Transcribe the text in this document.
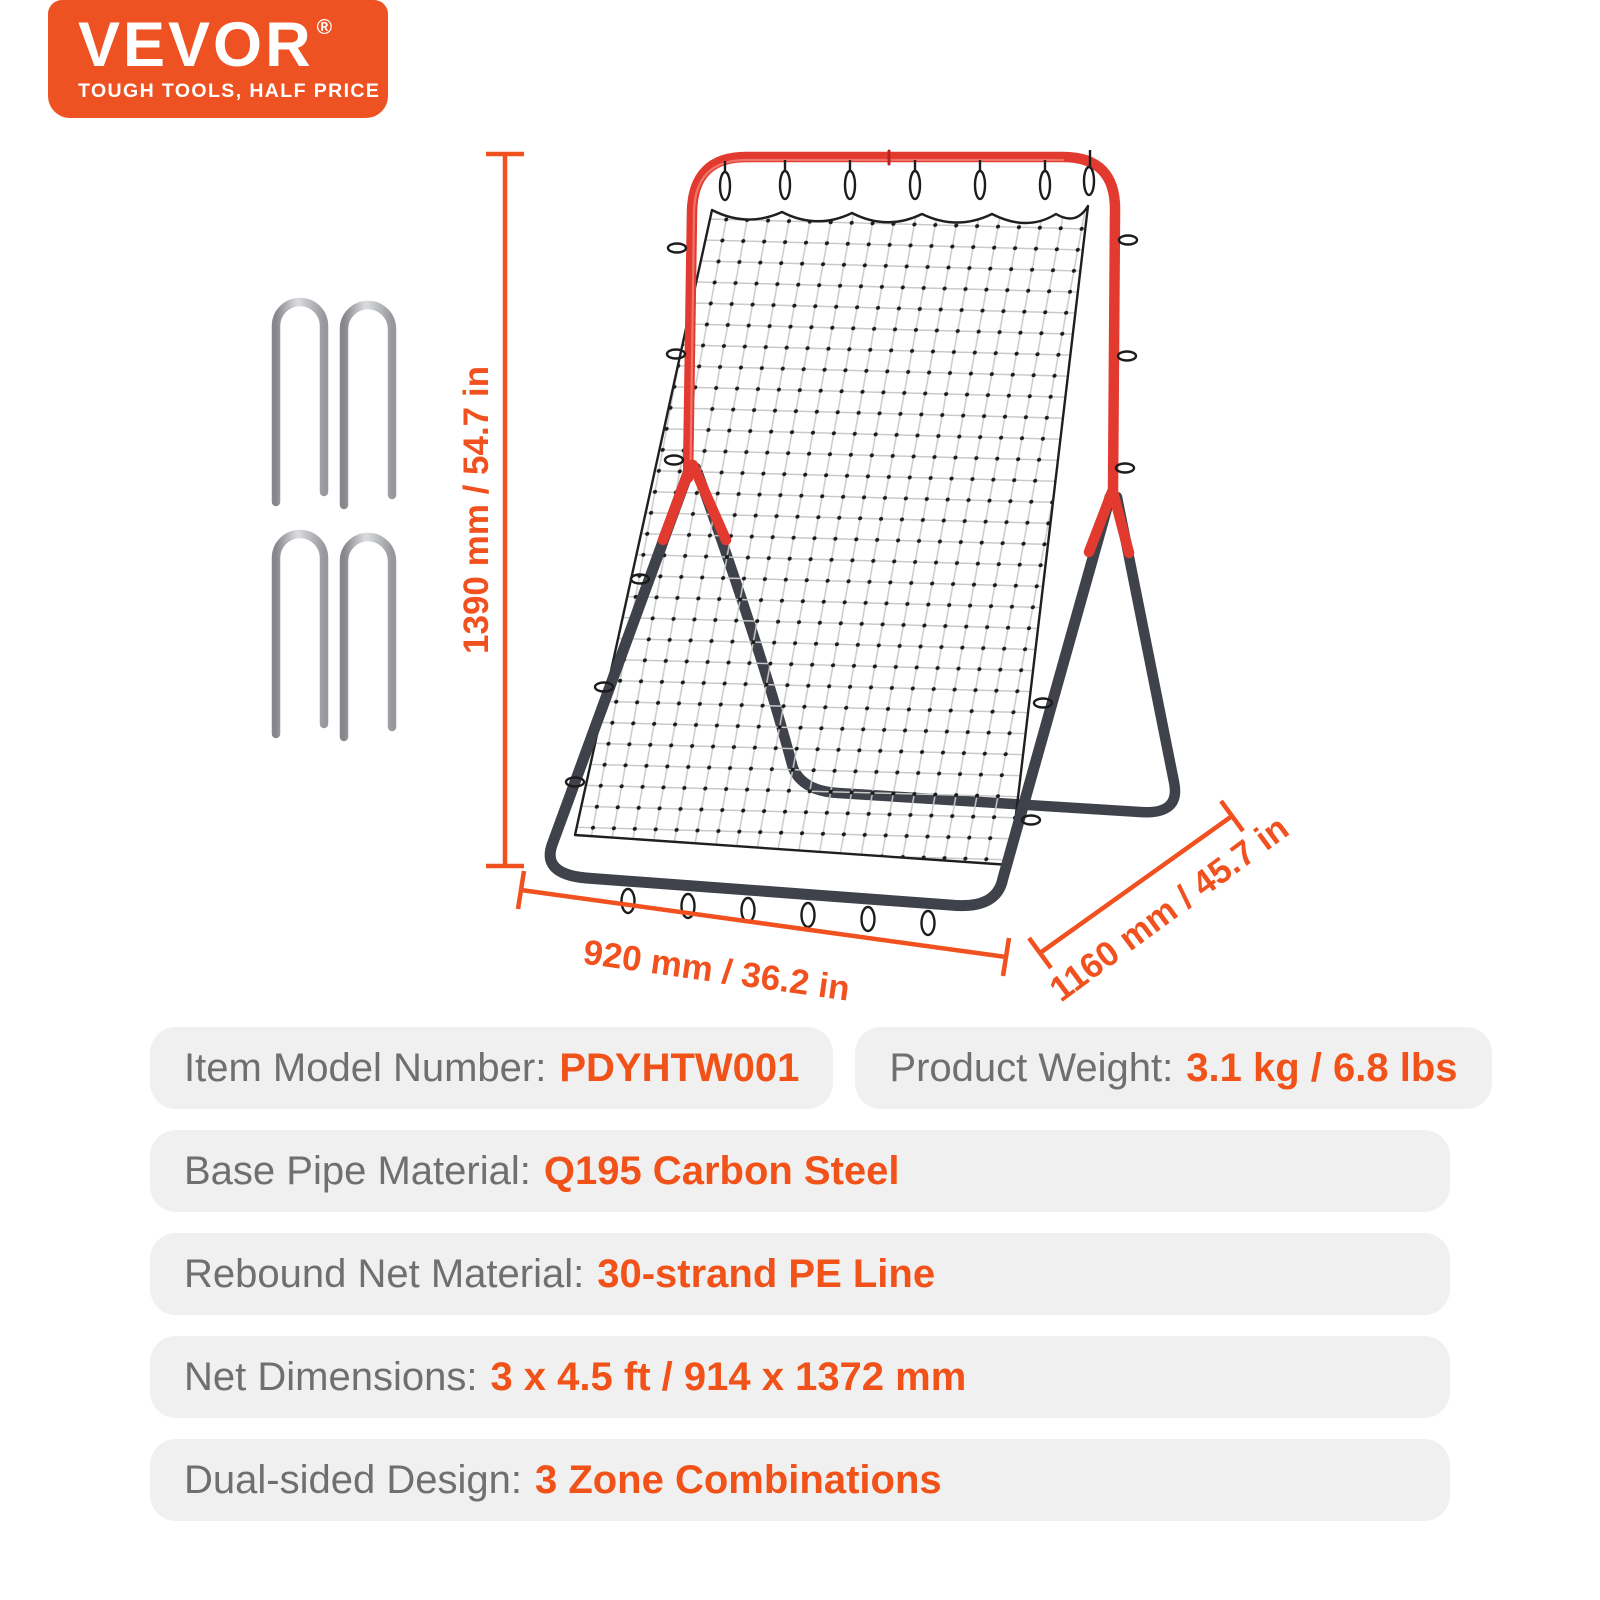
VEVOR ®
TOUGH TOOLS, HALF PRICE
1390 mm / 54.7 in
920 mm / 36.2 in	1160 mm / 45.7 in
Item Model Number: PDYHTW001 Product Weight: 3.1 kg / 6.8 lbs
Base Pipe Material: Q195 Carbon Steel
Rebound Net Material: 30-strand PE Line
Net Dimensions: 3 x 4.5 ft / 914 x 1372 mm
Dual-sided Design: 3 Zone Combinations
